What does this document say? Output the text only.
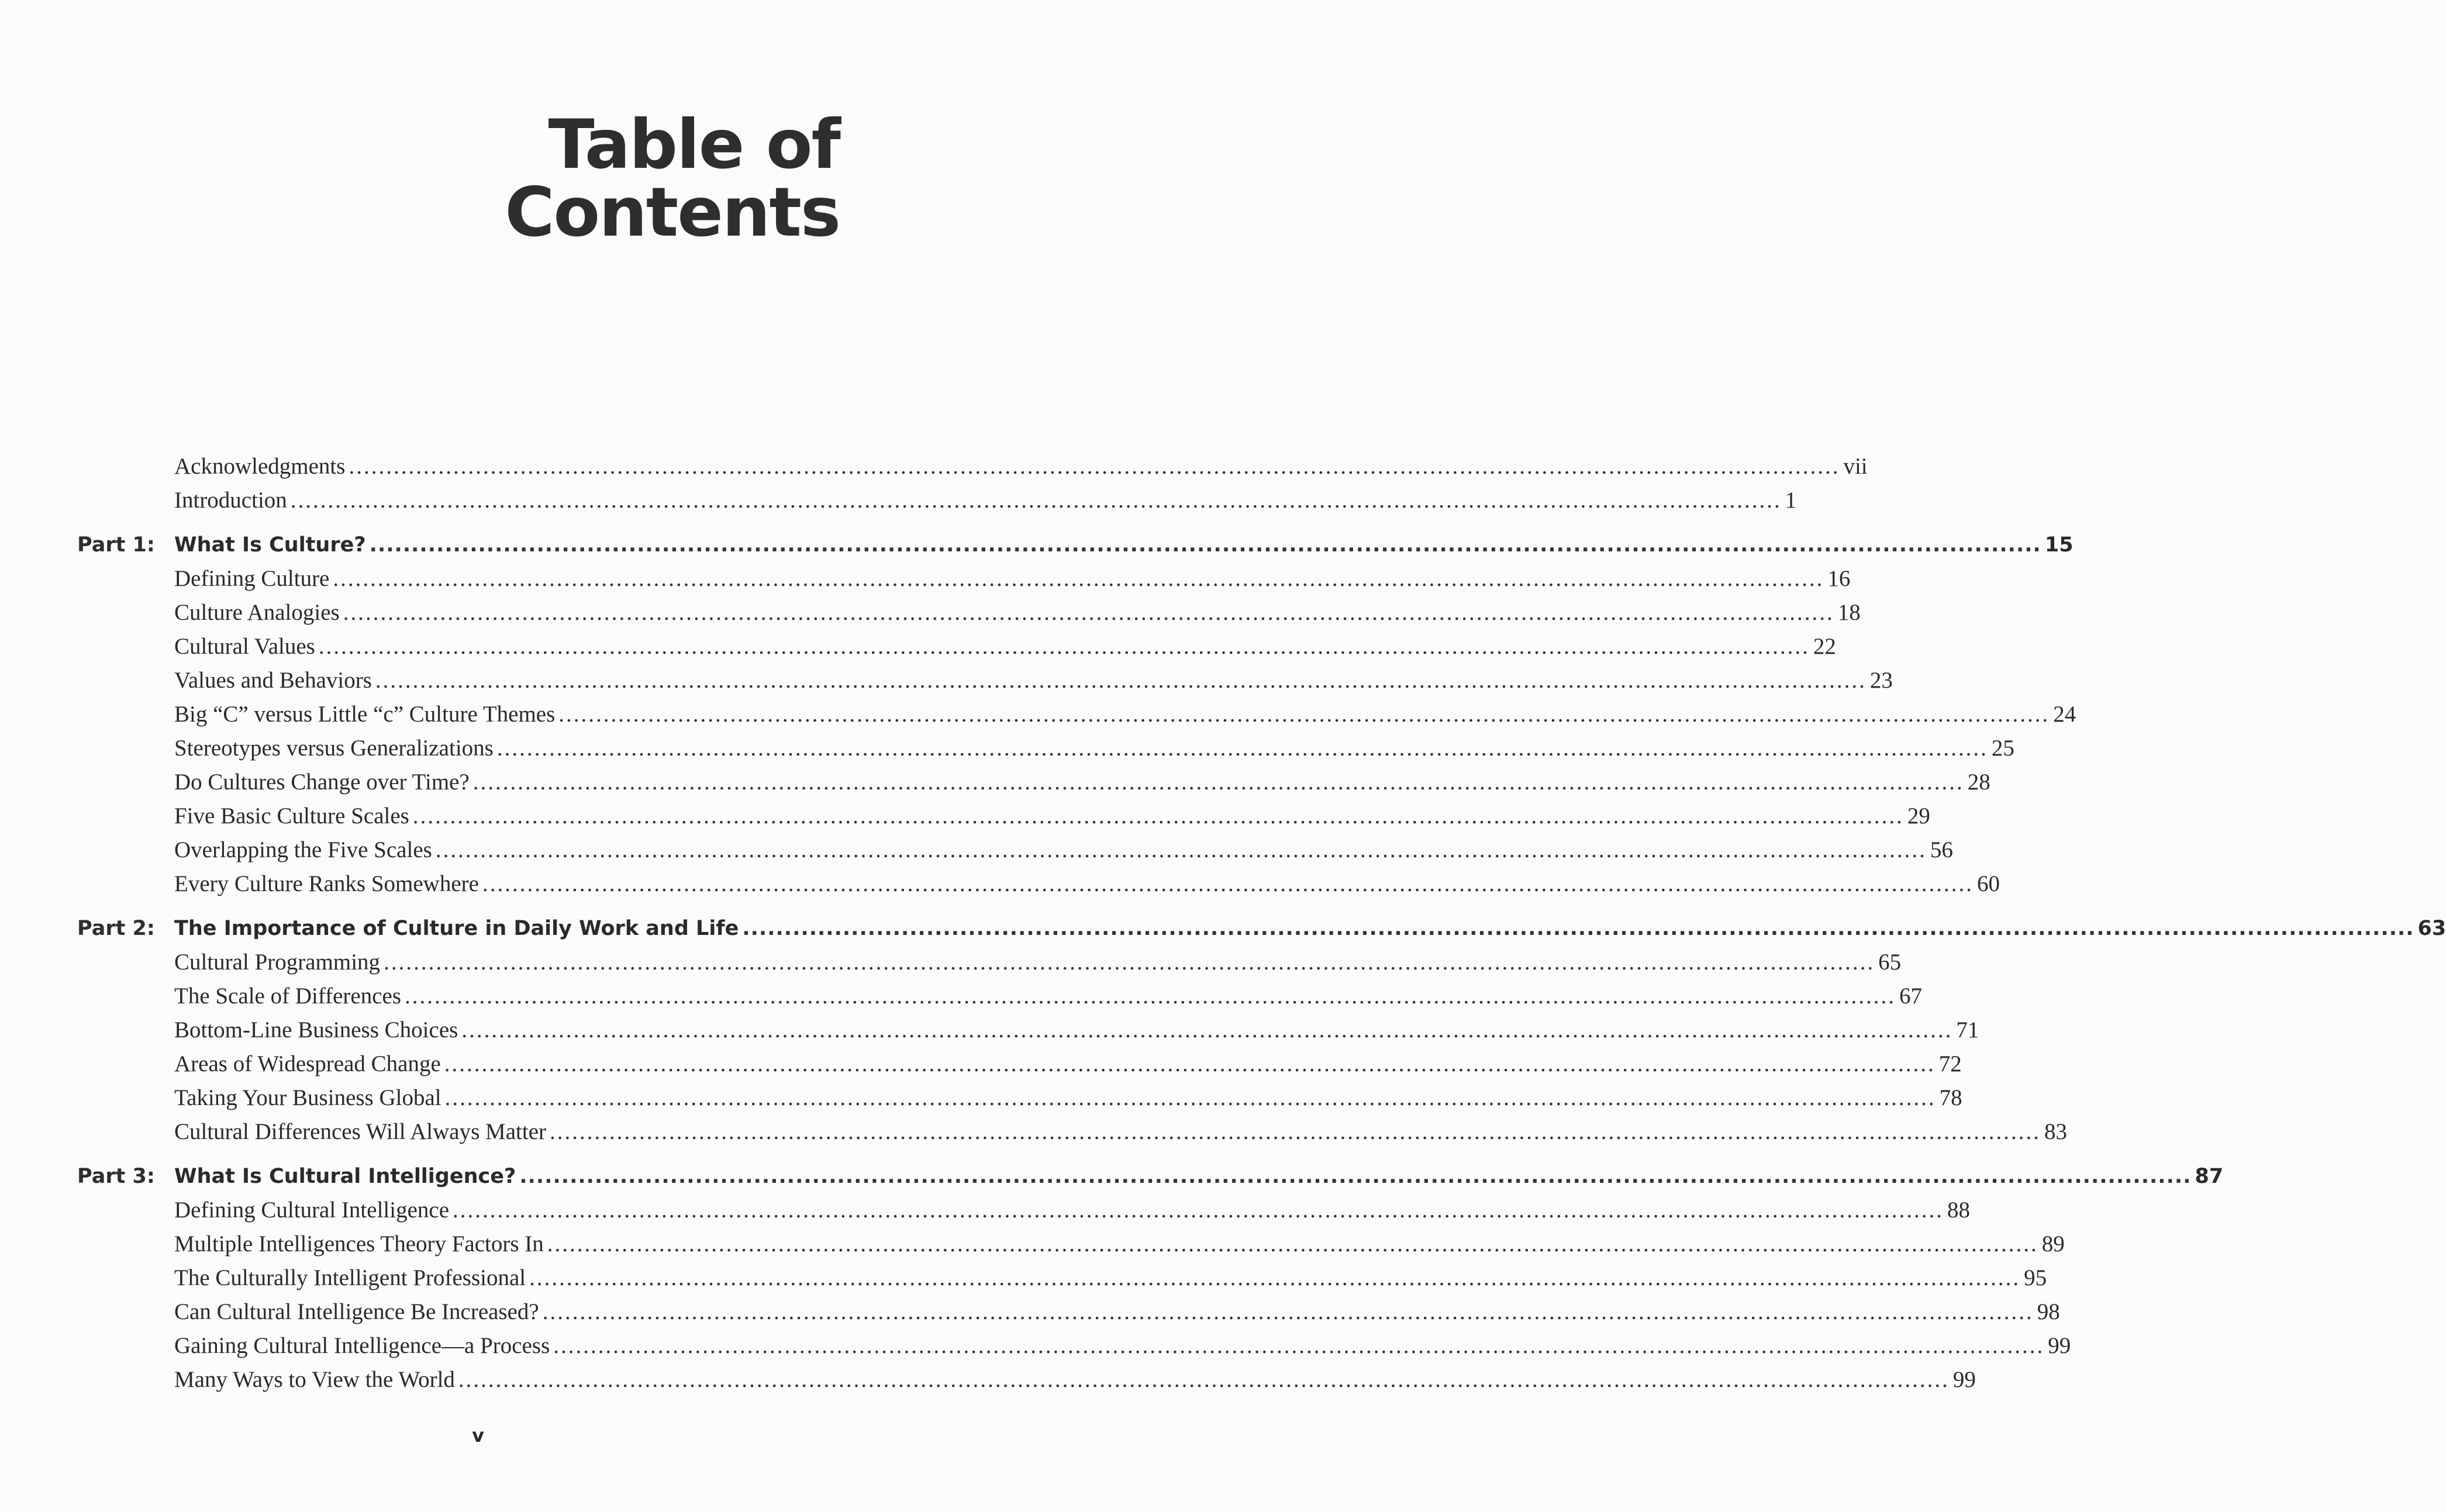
Table of Contents
Acknowledgments ........................................................................................................................................................................................................ vii
Introduction ........................................................................................................................................................................................................ 1
Part 1: What Is Culture? ........................................................................................................................................................................................................ 15
Defining Culture ........................................................................................................................................................................................................ 16
Culture Analogies ........................................................................................................................................................................................................ 18
Cultural Values ........................................................................................................................................................................................................ 22
Values and Behaviors ........................................................................................................................................................................................................ 23
Big “C” versus Little “c” Culture Themes ........................................................................................................................................................................................................ 24
Stereotypes versus Generalizations ........................................................................................................................................................................................................ 25
Do Cultures Change over Time? ........................................................................................................................................................................................................ 28
Five Basic Culture Scales ........................................................................................................................................................................................................ 29
Overlapping the Five Scales ........................................................................................................................................................................................................ 56
Every Culture Ranks Somewhere ........................................................................................................................................................................................................ 60
Part 2: The Importance of Culture in Daily Work and Life ........................................................................................................................................................................................................ 63
Cultural Programming ........................................................................................................................................................................................................ 65
The Scale of Differences ........................................................................................................................................................................................................ 67
Bottom-Line Business Choices ........................................................................................................................................................................................................ 71
Areas of Widespread Change ........................................................................................................................................................................................................ 72
Taking Your Business Global ........................................................................................................................................................................................................ 78
Cultural Differences Will Always Matter ........................................................................................................................................................................................................ 83
Part 3: What Is Cultural Intelligence? ........................................................................................................................................................................................................ 87
Defining Cultural Intelligence ........................................................................................................................................................................................................ 88
Multiple Intelligences Theory Factors In ........................................................................................................................................................................................................ 89
The Culturally Intelligent Professional ........................................................................................................................................................................................................ 95
Can Cultural Intelligence Be Increased? ........................................................................................................................................................................................................ 98
Gaining Cultural Intelligence—a Process ........................................................................................................................................................................................................ 99
Many Ways to View the World ........................................................................................................................................................................................................ 99
v
